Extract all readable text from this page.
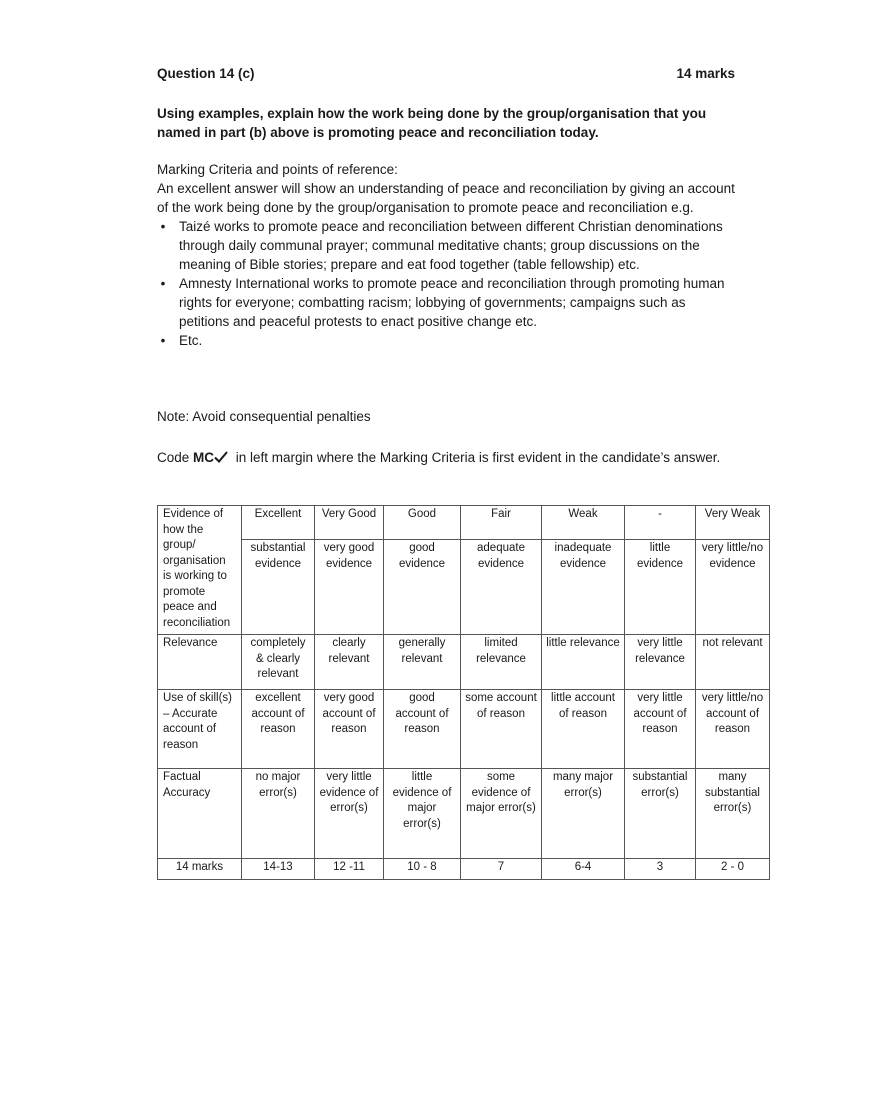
Question 14 (c)	14 marks
Using examples, explain how the work being done by the group/organisation that you named in part (b) above is promoting peace and reconciliation today.

Marking Criteria and points of reference:

An excellent answer will show an understanding of peace and reconciliation by giving an account of the work being done by the group/organisation to promote peace and reconciliation e.g.

• Taizé works to promote peace and reconciliation between different Christian denominations through daily communal prayer; communal meditative chants; group discussions on the meaning of Bible stories; prepare and eat food together (table fellowship) etc.
• Amnesty International works to promote peace and reconciliation through promoting human rights for everyone; combatting racism; lobbying of governments; campaigns such as petitions and peaceful protests to enact positive change etc.
• Etc.
Note: Avoid consequential penalties
Code MC in left margin where the Marking Criteria is first evident in the candidate’s answer.
Evidence of how the group/ organisation is working to promote peace and reconciliation	Excellent	Very Good	Good	Fair	Weak	-	Very Weak
	substantial evidence	very good evidence	good evidence	adequate evidence	inadequate evidence	little evidence	very little/no evidence
Relevance	completely & clearly relevant	clearly relevant	generally relevant	limited relevance	little relevance	very little relevance	not relevant
Use of skill(s) – Accurate account of reason	excellent account of reason	very good account of reason	good account of reason	some account of reason	little account of reason	very little account of reason	very little/no account of reason
Factual Accuracy	no major error(s)	very little evidence of error(s)	little evidence of major error(s)	some evidence of major error(s)	many major error(s)	substantial error(s)	many substantial error(s)
14 marks	14-13	12 -11	10 - 8	7	6-4	3	2 - 0
